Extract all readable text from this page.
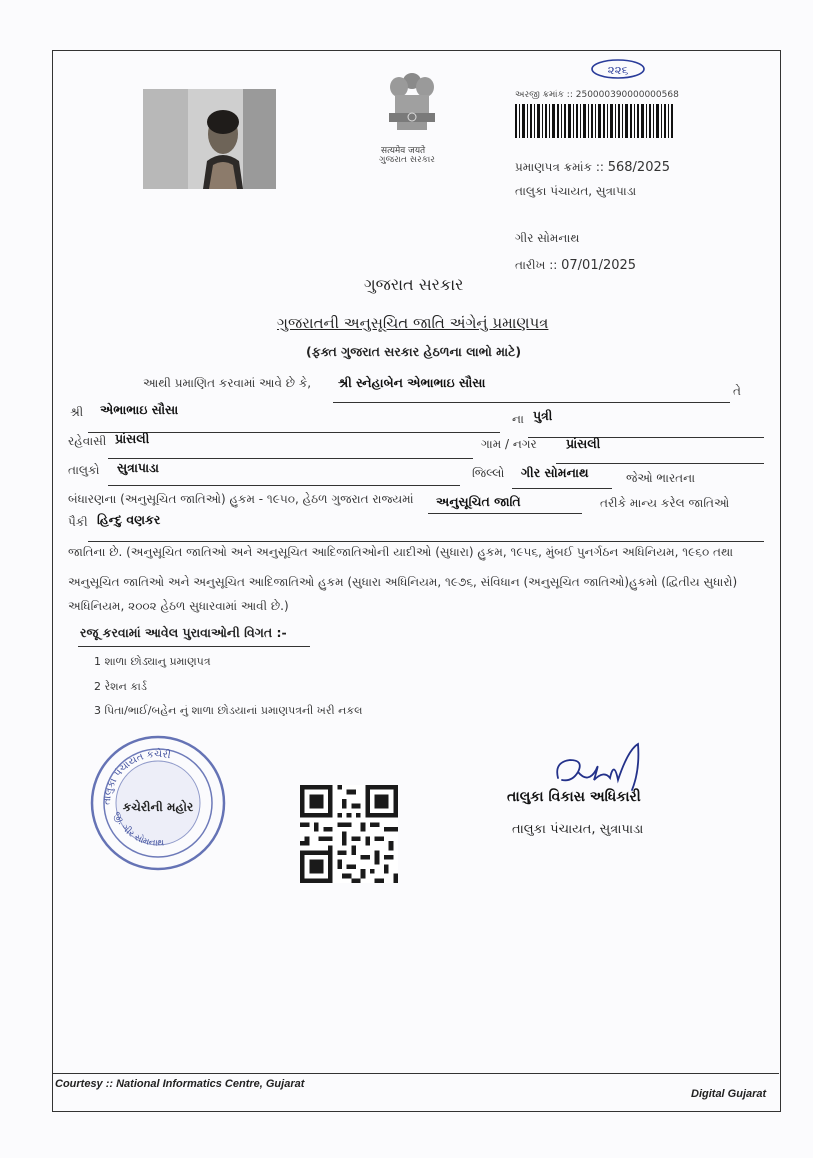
૨૨૬
सत्यमेव जयते
ગુજરાત સરકાર
અરજી ક્રમાંક :: 250000390000000568
પ્રમાણપત્ર ક્રમાંક :: 568/2025
તાલુકા પંચાયત, સુત્રાપાડા
ગીર સોમનાથ
તારીખ :: 07/01/2025
ગુજરાત સરકાર
ગુજરાતની અનુસૂચિત જાતિ અંગેનું પ્રમાણપત્ર
(ફક્ત ગુજરાત સરકાર હેઠળના લાભો માટે)
આથી પ્રમાણિત કરવામાં આવે છે કે, શ્રી સ્નેહાબેન એભાભાઇ સૌસા
તે
શ્રી એભાભાઇ સૌસા
ના પુત્રી
રહેવાસી પ્રાંસલી	ગામ / નગર પ્રાંસલી
તાલુકો સુત્રાપાડા	જિલ્લો ગીર સોમનાથ	જેઓ ભારતના
બંધારણના (અનુસૂચિત જાતિઓ) હુકમ - ૧૯૫૦, હેઠળ ગુજરાત રાજ્યમાં અનુસૂચિત જાતિ	તરીકે માન્ય કરેલ જાતિઓ
પૈકી હિન્દુ વણકર
જાતિના છે. (અનુસૂચિત જાતિઓ અને અનુસૂચિત આદિજાતિઓની યાદીઓ (સુધારા) હુકમ, ૧૯૫૬, મુંબઈ પુનર્ગઠન અધિનિયમ, ૧૯૬૦ તથા
અનુસૂચિત જાતિઓ અને અનુસૂચિત આદિજાતિઓ હુકમ (સુધારા અધિનિયમ, ૧૯૭૬, સંવિધાન (અનુસૂચિત જાતિઓ)હુકમો (દ્વિતીય સુધારો)
અધિનિયમ, ૨૦૦૨ હેઠળ સુધારવામાં આવી છે.)
રજૂ કરવામાં આવેલ પુરાવાઓની વિગત :-
1 શાળા છોડ્યાનુ પ્રમાણપત્ર
2 રેશન કાર્ડ
3 પિતા/ભાઈ/બહેન નું શાળા છોડયાનાં પ્રમાણપત્રની ખરી નકલ
તાલુકા પંચાયત કચેરી
જી. ગીર સોમનાથ
કચેરીની મહોર
તાલુકા વિકાસ અધિકારી
તાલુકા પંચાયત, સુત્રાપાડા
Courtesy :: National Informatics Centre, Gujarat
Digital Gujarat
